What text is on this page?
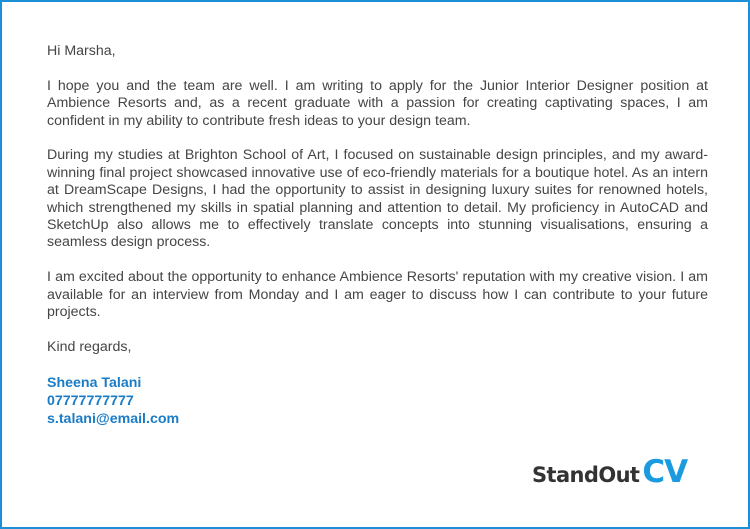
Hi Marsha,

I hope you and the team are well. I am writing to apply for the Junior Interior Designer position at Ambience Resorts and, as a recent graduate with a passion for creating captivating spaces, I am confident in my ability to contribute fresh ideas to your design team.

During my studies at Brighton School of Art, I focused on sustainable design principles, and my award-winning final project showcased innovative use of eco-friendly materials for a boutique hotel. As an intern at DreamScape Designs, I had the opportunity to assist in designing luxury suites for renowned hotels, which strengthened my skills in spatial planning and attention to detail. My proficiency in AutoCAD and SketchUp also allows me to effectively translate concepts into stunning visualisations, ensuring a seamless design process.

I am excited about the opportunity to enhance Ambience Resorts' reputation with my creative vision. I am available for an interview from Monday and I am eager to discuss how I can contribute to your future projects.

Kind regards,

Sheena Talani
07777777777
s.talani@email.com
StandOutCV
